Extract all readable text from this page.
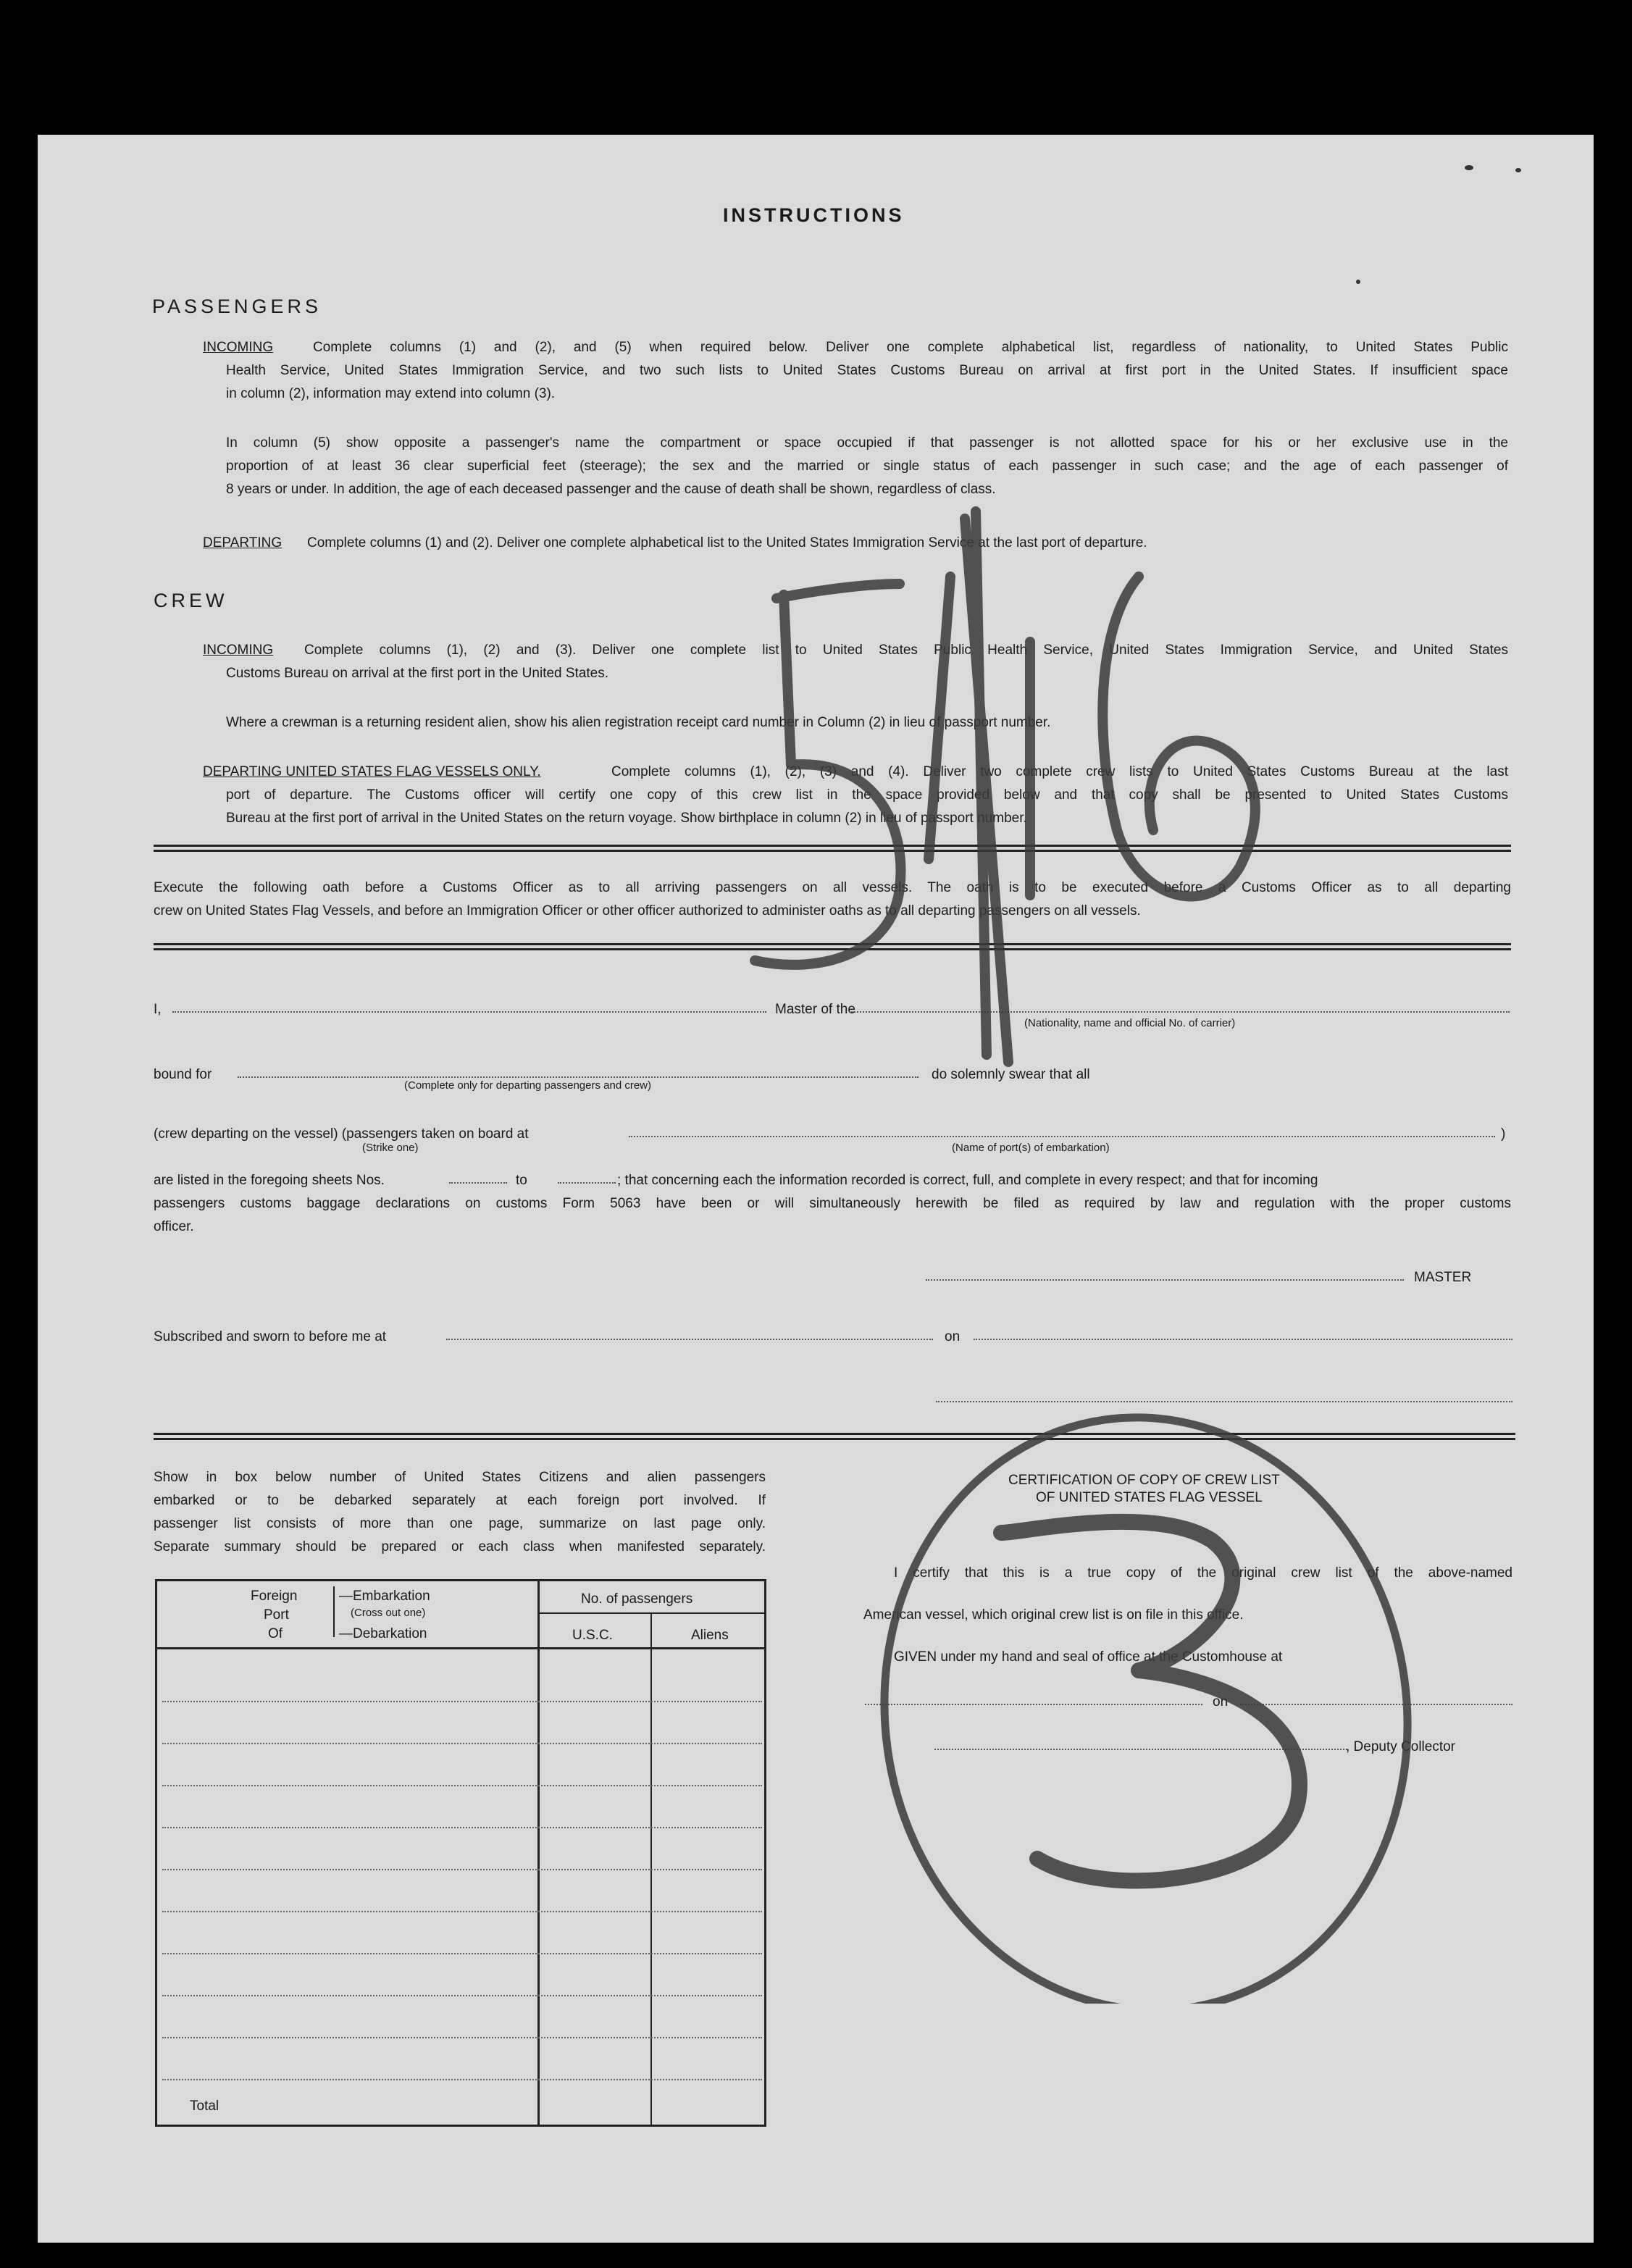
INSTRUCTIONS
PASSENGERS
INCOMING	Complete columns (1) and (2), and (5) when required below. Deliver one complete alphabetical list, regardless of nationality, to United States Public
Health Service, United States Immigration Service, and two such lists to United States Customs Bureau on arrival at first port in the United States. If insufficient space
in column (2), information may extend into column (3).
In column (5) show opposite a passenger's name the compartment or space occupied if that passenger is not allotted space for his or her exclusive use in the
proportion of at least 36 clear superficial feet (steerage); the sex and the married or single status of each passenger in such case; and the age of each passenger of
8 years or under. In addition, the age of each deceased passenger and the cause of death shall be shown, regardless of class.
DEPARTING Complete columns (1) and (2). Deliver one complete alphabetical list to the United States Immigration Service at the last port of departure.
CREW
INCOMING Complete columns (1), (2) and (3). Deliver one complete list to United States Public Health Service, United States Immigration Service, and United States
Customs Bureau on arrival at the first port in the United States.
Where a crewman is a returning resident alien, show his alien registration receipt card number in Column (2) in lieu of passport number.
DEPARTING UNITED STATES FLAG VESSELS ONLY.	Complete columns (1), (2), (3) and (4). Deliver two complete crew lists to United States Customs Bureau at the last
port of departure. The Customs officer will certify one copy of this crew list in the space provided below and that copy shall be presented to United States Customs
Bureau at the first port of arrival in the United States on the return voyage. Show birthplace in column (2) in lieu of passport number.
Execute the following oath before a Customs Officer as to all arriving passengers on all vessels. The oath is to be executed before a Customs Officer as to all departing
crew on United States Flag Vessels, and before an Immigration Officer or other officer authorized to administer oaths as to all departing passengers on all vessels.
I,	Master of the
(Nationality, name and official No. of carrier)
bound for
(Complete only for departing passengers and crew)
do solemnly swear that all
(crew departing on the vessel) (passengers taken on board at
(Strike one)	(Name of port(s) of embarkation)
)
are listed in the foregoing sheets Nos.	to	; that concerning each the information recorded is correct, full, and complete in every respect; and that for incoming
passengers customs baggage declarations on customs Form 5063 have been or will simultaneously herewith be filed as required by law and regulation with the proper customs
officer.
MASTER
Subscribed and sworn to before me at	on
Show in box below number of United States Citizens and alien passengers
embarked or to be debarked separately at each foreign port involved. If
passenger list consists of more than one page, summarize on last page only.
Separate summary should be prepared or each class when manifested separately.
Foreign
Port
Of
—Embarkation
(Cross out one)
—Debarkation
No. of passengers
U.S.C.	Aliens
Total
CERTIFICATION OF COPY OF CREW LIST
OF UNITED STATES FLAG VESSEL
I certify that this is a true copy of the original crew list of the above-named
American vessel, which original crew list is on file in this office.
GIVEN under my hand and seal of office at the Customhouse at
on
, Deputy Collector
